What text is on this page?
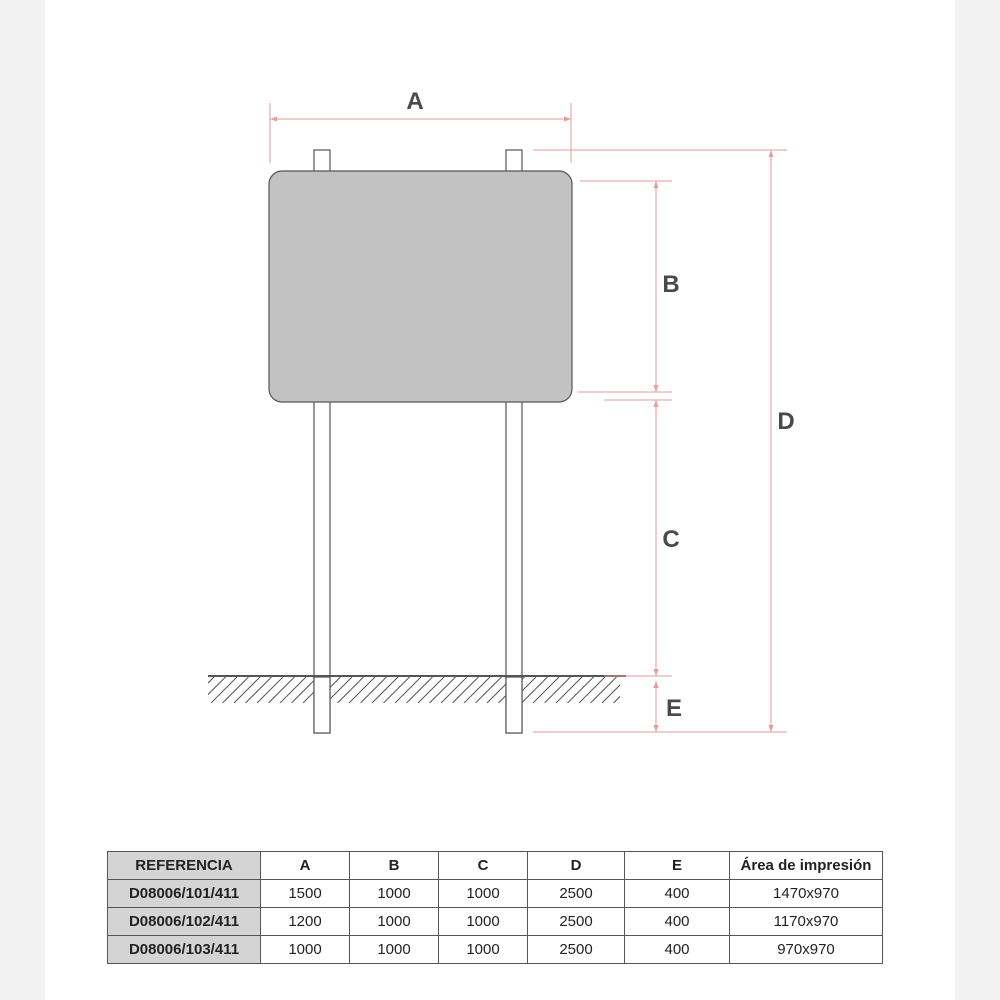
A
B
C
D
E
REFERENCIA	A	B	C	D	E	Área de impresión
D08006/101/411	1500	1000	1000	2500	400	1470x970
D08006/102/411	1200	1000	1000	2500	400	1170x970
D08006/103/411	1000	1000	1000	2500	400	970x970
